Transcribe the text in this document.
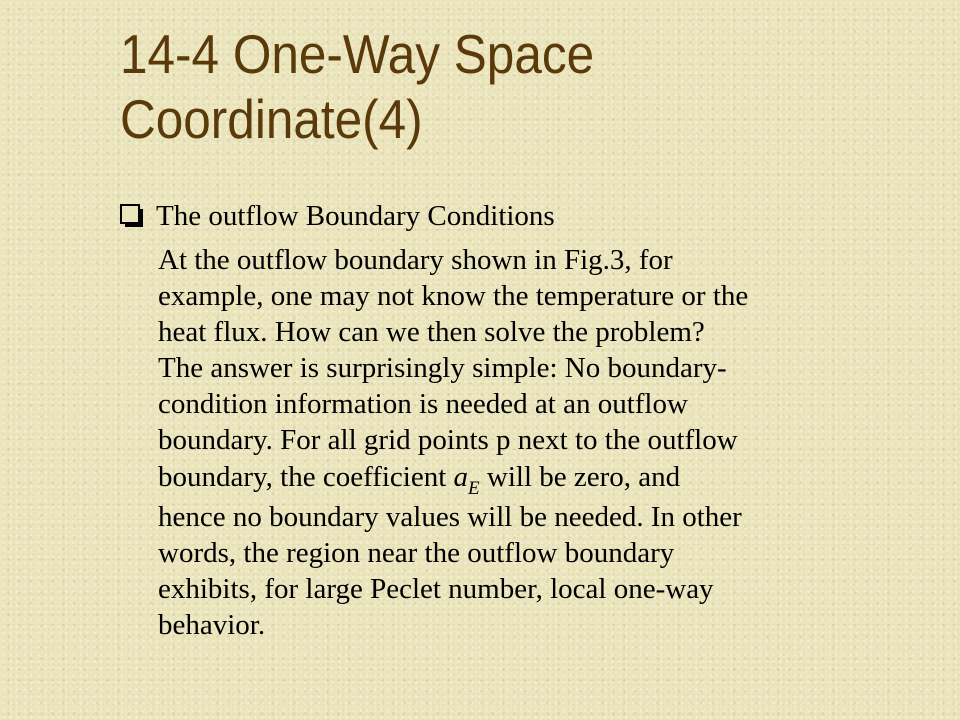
14-4 One-Way Space
Coordinate(4)
The outflow Boundary Conditions

At the outflow boundary shown in Fig.3, for
example, one may not know the temperature or the
heat flux. How can we then solve the problem?
The answer is surprisingly simple: No boundary-
condition information is needed at an outflow
boundary. For all grid points p next to the outflow
boundary, the coefficient $a_E$ will be zero, and
hence no boundary values will be needed. In other
words, the region near the outflow boundary
exhibits, for large Peclet number, local one-way
behavior.
